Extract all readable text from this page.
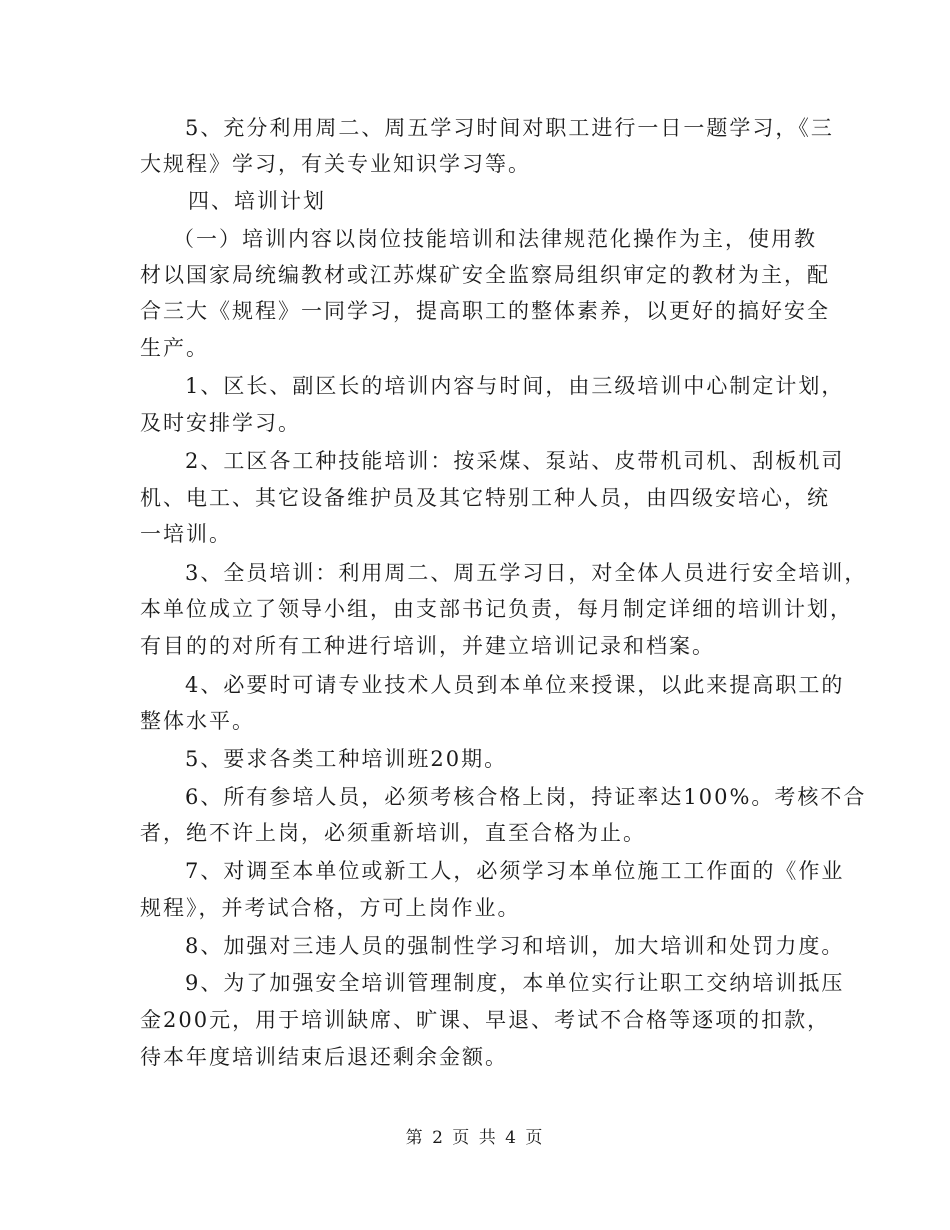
5、充分利用周二、周五学习时间对职工进行一日一题学习，《三
大规程》学习，有关专业知识学习等。
四、培训计划
（一）培训内容以岗位技能培训和法律规范化操作为主，使用教
材以国家局统编教材或江苏煤矿安全监察局组织审定的教材为主，配
合三大《规程》一同学习，提高职工的整体素养，以更好的搞好安全
生产。
1、区长、副区长的培训内容与时间，由三级培训中心制定计划，
及时安排学习。
2、工区各工种技能培训：按采煤、泵站、皮带机司机、刮板机司
机、电工、其它设备维护员及其它特别工种人员，由四级安培心，统
一培训。
3、全员培训：利用周二、周五学习日，对全体人员进行安全培训，
本单位成立了领导小组，由支部书记负责，每月制定详细的培训计划，
有目的的对所有工种进行培训，并建立培训记录和档案。
4、必要时可请专业技术人员到本单位来授课，以此来提高职工的
整体水平。
5、要求各类工种培训班20期。
6、所有参培人员，必须考核合格上岗，持证率达100%。考核不合
者，绝不许上岗，必须重新培训，直至合格为止。
7、对调至本单位或新工人，必须学习本单位施工工作面的《作业
规程》，并考试合格，方可上岗作业。
8、加强对三违人员的强制性学习和培训，加大培训和处罚力度。
9、为了加强安全培训管理制度，本单位实行让职工交纳培训抵压
金200元，用于培训缺席、旷课、早退、考试不合格等逐项的扣款，
待本年度培训结束后退还剩余金额。
第 2 页 共 4 页
